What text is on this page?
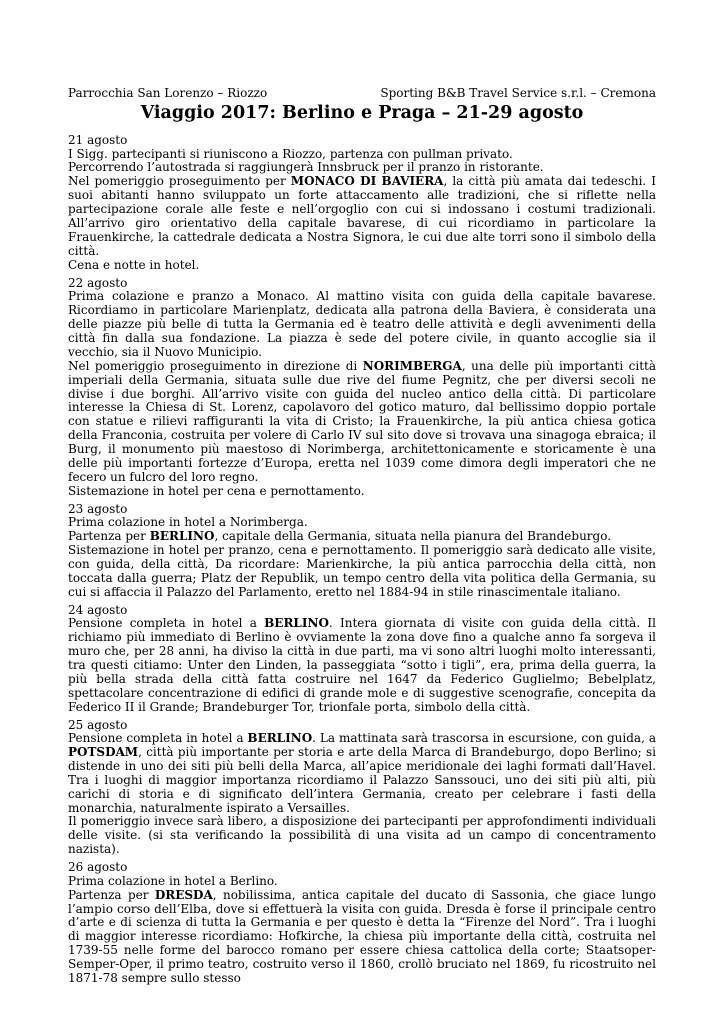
Parrocchia San Lorenzo – Riozzo	Sporting B&B Travel Service s.r.l. – Cremona
Viaggio 2017: Berlino e Praga – 21-29 agosto
21 agosto

I Sigg. partecipanti si riuniscono a Riozzo, partenza con pullman privato.

Percorrendo l’autostrada si raggiungerà Innsbruck per il pranzo in ristorante.

Nel pomeriggio proseguimento per MONACO DI BAVIERA, la città più amata dai tedeschi. I suoi abitanti hanno sviluppato un forte attaccamento alle tradizioni, che si riflette nella partecipazione corale alle feste e nell’orgoglio con cui si indossano i costumi tradizionali. All’arrivo giro orientativo della capitale bavarese, di cui ricordiamo in particolare la Frauenkirche, la cattedrale dedicata a Nostra Signora, le cui due alte torri sono il simbolo della città.

Cena e notte in hotel.

22 agosto

Prima colazione e pranzo a Monaco. Al mattino visita con guida della capitale bavarese. Ricordiamo in particolare Marienplatz, dedicata alla patrona della Baviera, è considerata una delle piazze più belle di tutta la Germania ed è teatro delle attività e degli avvenimenti della città fin dalla sua fondazione. La piazza è sede del potere civile, in quanto accoglie sia il vecchio, sia il Nuovo Municipio.

Nel pomeriggio proseguimento in direzione di NORIMBERGA, una delle più importanti città imperiali della Germania, situata sulle due rive del fiume Pegnitz, che per diversi secoli ne divise i due borghi. All’arrivo visite con guida del nucleo antico della città. Di particolare interesse la Chiesa di St. Lorenz, capolavoro del gotico maturo, dal bellissimo doppio portale con statue e rilievi raffiguranti la vita di Cristo; la Frauenkirche, la più antica chiesa gotica della Franconia, costruita per volere di Carlo IV sul sito dove si trovava una sinagoga ebraica; il Burg, il monumento più maestoso di Norimberga, architettonicamente e storicamente è una delle più importanti fortezze d’Europa, eretta nel 1039 come dimora degli imperatori che ne fecero un fulcro del loro regno.

Sistemazione in hotel per cena e pernottamento.

23 agosto

Prima colazione in hotel a Norimberga.

Partenza per BERLINO, capitale della Germania, situata nella pianura del Brandeburgo.

Sistemazione in hotel per pranzo, cena e pernottamento. Il pomeriggio sarà dedicato alle visite, con guida, della città, Da ricordare: Marienkirche, la più antica parrocchia della città, non toccata dalla guerra; Platz der Republik, un tempo centro della vita politica della Germania, su cui si affaccia il Palazzo del Parlamento, eretto nel 1884-94 in stile rinascimentale italiano.

24 agosto

Pensione completa in hotel a BERLINO. Intera giornata di visite con guida della città. Il richiamo più immediato di Berlino è ovviamente la zona dove fino a qualche anno fa sorgeva il muro che, per 28 anni, ha diviso la città in due parti, ma vi sono altri luoghi molto interessanti, tra questi citiamo: Unter den Linden, la passeggiata “sotto i tigli”, era, prima della guerra, la più bella strada della città fatta costruire nel 1647 da Federico Guglielmo; Bebelplatz, spettacolare concentrazione di edifici di grande mole e di suggestive scenografie, concepita da Federico II il Grande; Brandeburger Tor, trionfale porta, simbolo della città.

25 agosto

Pensione completa in hotel a BERLINO. La mattinata sarà trascorsa in escursione, con guida, a POTSDAM, città più importante per storia e arte della Marca di Brandeburgo, dopo Berlino; si distende in uno dei siti più belli della Marca, all’apice meridionale dei laghi formati dall’Havel. Tra i luoghi di maggior importanza ricordiamo il Palazzo Sanssouci, uno dei siti più alti, più carichi di storia e di significato dell’intera Germania, creato per celebrare i fasti della monarchia, naturalmente ispirato a Versailles.

Il pomeriggio invece sarà libero, a disposizione dei partecipanti per approfondimenti individuali delle visite. (si sta verificando la possibilità di una visita ad un campo di concentramento nazista).

26 agosto

Prima colazione in hotel a Berlino.

Partenza per DRESDA, nobilissima, antica capitale del ducato di Sassonia, che giace lungo l’ampio corso dell’Elba, dove si effettuerà la visita con guida. Dresda è forse il principale centro d’arte e di scienza di tutta la Germania e per questo è detta la “Firenze del Nord”. Tra i luoghi di maggior interesse ricordiamo: Hofkirche, la chiesa più importante della città, costruita nel 1739-55 nelle forme del barocco romano per essere chiesa cattolica della corte; Staatsoper-Semper-Oper, il primo teatro, costruito verso il 1860, crollò bruciato nel 1869, fu ricostruito nel 1871-78 sempre sullo stesso
